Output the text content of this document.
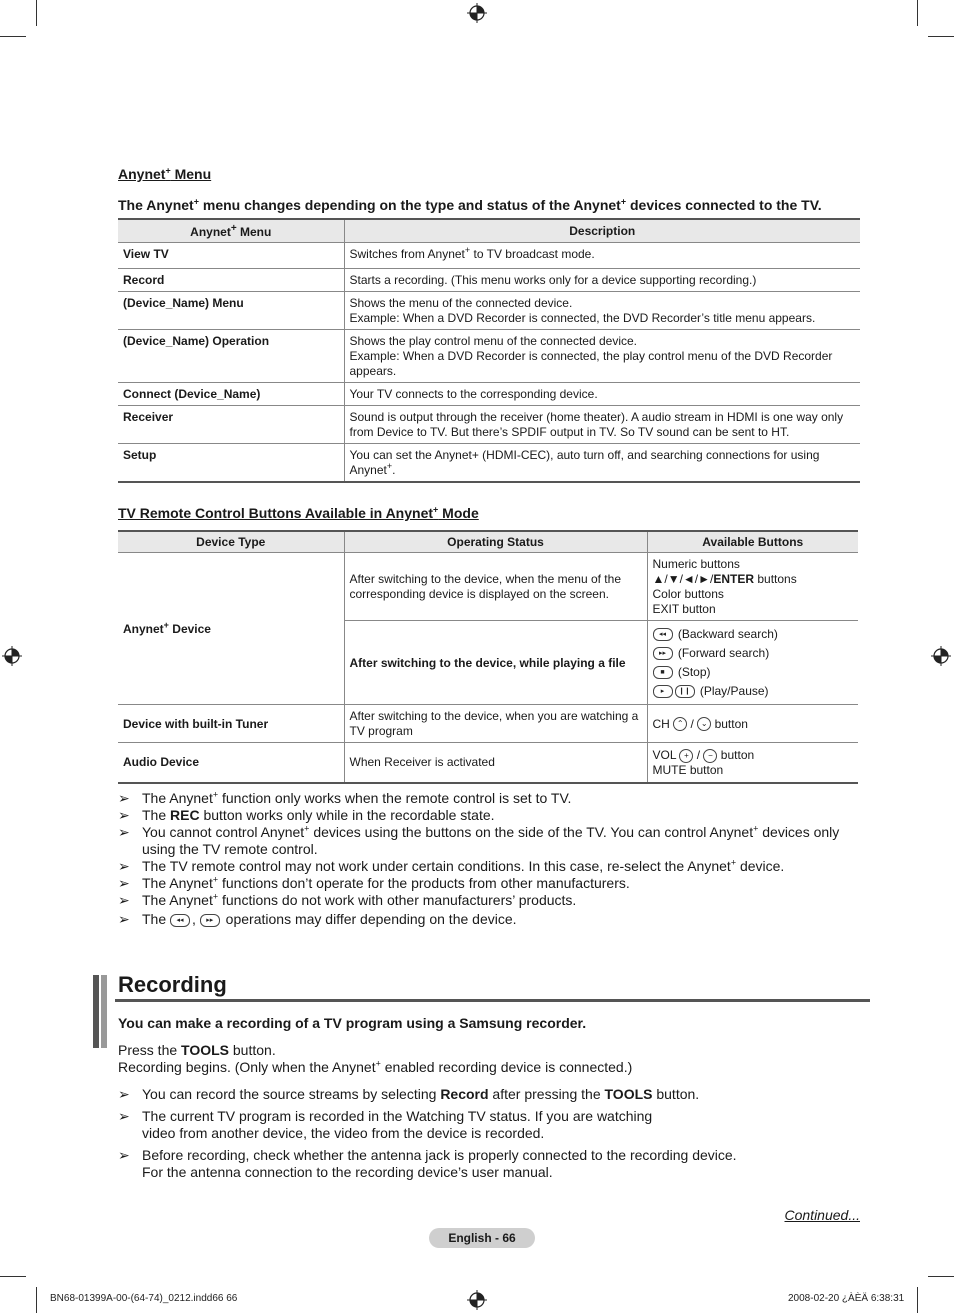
Anynet+ Menu
The Anynet+ menu changes depending on the type and status of the Anynet+ devices connected to the TV.
Anynet+ Menu	Description
View TV	Switches from Anynet+ to TV broadcast mode.
Record	Starts a recording. (This menu works only for a device supporting recording.)
(Device_Name) Menu	Shows the menu of the connected device.
Example: When a DVD Recorder is connected, the DVD Recorder’s title menu appears.

(Device_Name) Operation	Shows the play control menu of the connected device.
Example: When a DVD Recorder is connected, the play control menu of the DVD Recorder appears.

Connect (Device_Name)	Your TV connects to the corresponding device.
Receiver	Sound is output through the receiver (home theater). A audio stream in HDMI is one way only from Device to TV. But there’s SPDIF output in TV. So TV sound can be sent to HT.
Setup	You can set the Anynet+ (HDMI-CEC), auto turn off, and searching connections for using Anynet+.
TV Remote Control Buttons Available in Anynet+ Mode
Device Type	Operating Status	Available Buttons
Anynet+ Device	After switching to the device, when the menu of the corresponding device is displayed on the screen.	Numeric buttons
▲/▼/◄/►/ENTER buttons
Color buttons
EXIT button

	After switching to the device, while playing a file	◂◂ (Backward search)
▸▸ (Forward search)
■ (Stop)
▸ ❙❙ (Play/Pause)

Device with built-in Tuner	After switching to the device, when you are watching a TV program	CH ⌃ / ⌄ button
Audio Device	When Receiver is activated	VOL + / − button
MUTE button
➢ The Anynet+ function only works when the remote control is set to TV.
➢ The REC button works only while in the recordable state.
➢ You cannot control Anynet+ devices using the buttons on the side of the TV. You can control Anynet+ devices only using the TV remote control.
➢ The TV remote control may not work under certain conditions. In this case, re-select the Anynet+ device.
➢ The Anynet+ functions don’t operate for the products from other manufacturers.
➢ The Anynet+ functions do not work with other manufacturers’ products.
➢ The ◂◂ , ▸▸ operations may differ depending on the device.
Recording
You can make a recording of a TV program using a Samsung recorder.
Press the TOOLS button.
Recording begins. (Only when the Anynet+ enabled recording device is connected.)
➢ You can record the source streams by selecting Record after pressing the TOOLS button.
➢ The current TV program is recorded in the Watching TV status. If you are watching
video from another device, the video from the device is recorded.
➢ Before recording, check whether the antenna jack is properly connected to the recording device.
For the antenna connection to the recording device’s user manual.
Continued...
English - 66
BN68-01399A-00-(64-74)_0212.indd66 66	2008-02-20 ¿ÀÈÄ 6:38:31
